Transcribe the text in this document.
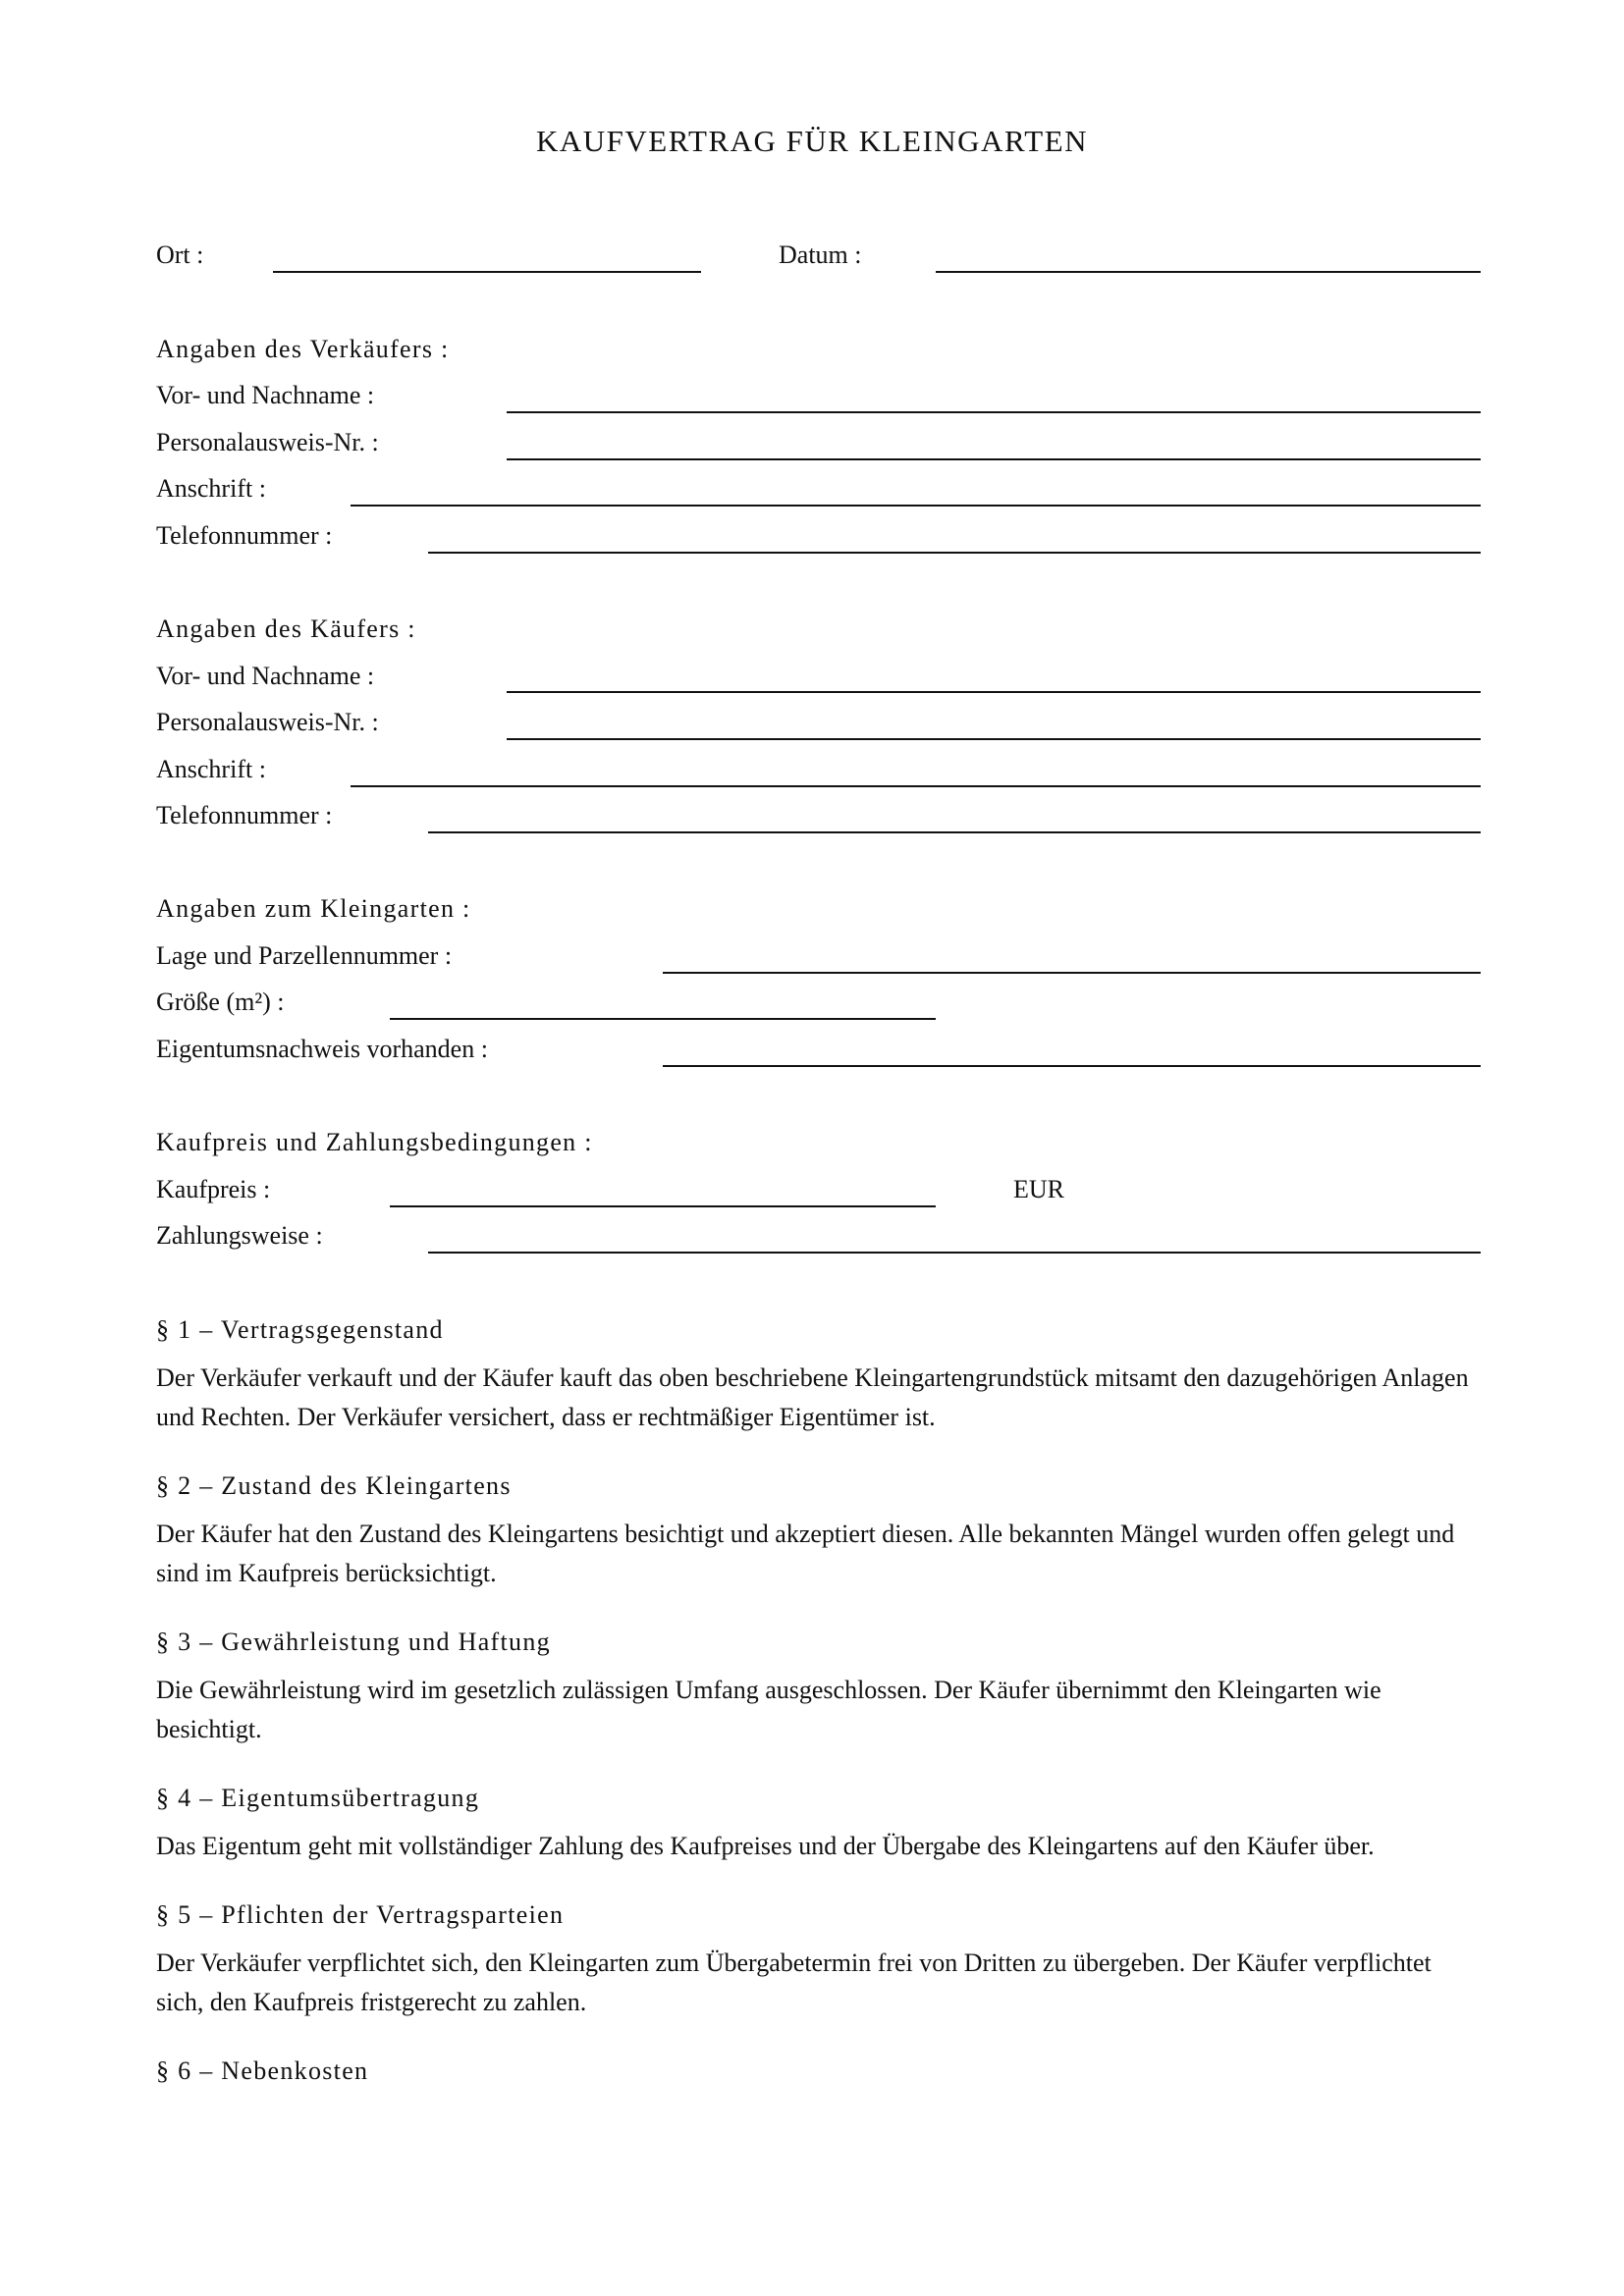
KAUFVERTRAG FÜR KLEINGARTEN
Ort :	Datum :
Angaben des Verkäufers :
Vor- und Nachname :
Personalausweis-Nr. :
Anschrift :
Telefonnummer :
Angaben des Käufers :
Vor- und Nachname :
Personalausweis-Nr. :
Anschrift :
Telefonnummer :
Angaben zum Kleingarten :
Lage und Parzellennummer :
Größe (m²) :
Eigentumsnachweis vorhanden :
Kaufpreis und Zahlungsbedingungen :
Kaufpreis :	EUR
Zahlungsweise :
§ 1 – Vertragsgegenstand
Der Verkäufer verkauft und der Käufer kauft das oben beschriebene Kleingartengrundstück mitsamt den dazugehörigen Anlagen und Rechten. Der Verkäufer versichert, dass er rechtmäßiger Eigentümer ist.
§ 2 – Zustand des Kleingartens
Der Käufer hat den Zustand des Kleingartens besichtigt und akzeptiert diesen. Alle bekannten Mängel wurden offen gelegt und sind im Kaufpreis berücksichtigt.
§ 3 – Gewährleistung und Haftung
Die Gewährleistung wird im gesetzlich zulässigen Umfang ausgeschlossen. Der Käufer übernimmt den Kleingarten wie besichtigt.
§ 4 – Eigentumsübertragung
Das Eigentum geht mit vollständiger Zahlung des Kaufpreises und der Übergabe des Kleingartens auf den Käufer über.
§ 5 – Pflichten der Vertragsparteien
Der Verkäufer verpflichtet sich, den Kleingarten zum Übergabetermin frei von Dritten zu übergeben. Der Käufer verpflichtet sich, den Kaufpreis fristgerecht zu zahlen.
§ 6 – Nebenkosten
